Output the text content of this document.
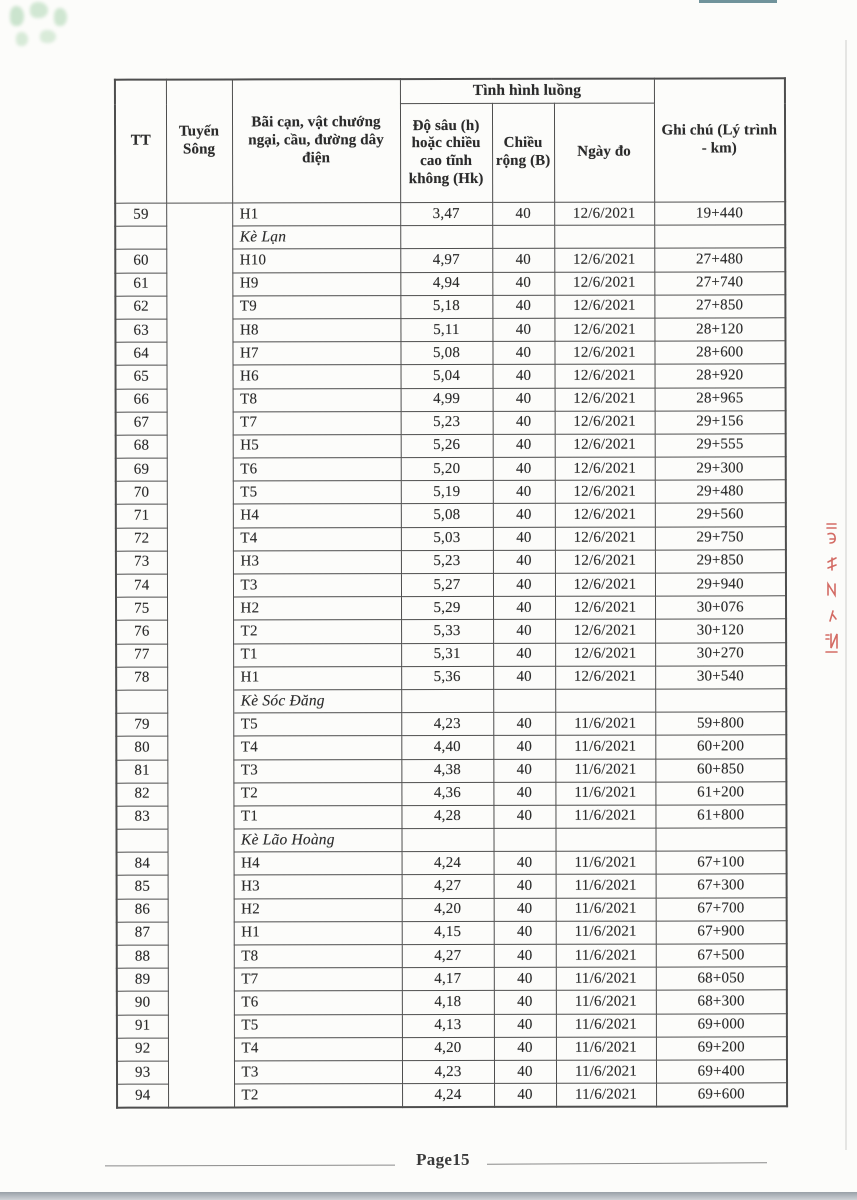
TT	Tuyến Sông	Bãi cạn, vật chướng ngại, cầu, đường dây điện	Tình hình luồng			Ghi chú (Lý trình - km)
			Độ sâu (h) hoặc chiều cao tĩnh không (Hk)	Chiều rộng (B)	Ngày đo	
59		H1	3,47	40	12/6/2021	19+440
		Kè Lạn				
60		H10	4,97	40	12/6/2021	27+480
61		H9	4,94	40	12/6/2021	27+740
62		T9	5,18	40	12/6/2021	27+850
63		H8	5,11	40	12/6/2021	28+120
64		H7	5,08	40	12/6/2021	28+600
65		H6	5,04	40	12/6/2021	28+920
66		T8	4,99	40	12/6/2021	28+965
67		T7	5,23	40	12/6/2021	29+156
68		H5	5,26	40	12/6/2021	29+555
69		T6	5,20	40	12/6/2021	29+300
70		T5	5,19	40	12/6/2021	29+480
71		H4	5,08	40	12/6/2021	29+560
72		T4	5,03	40	12/6/2021	29+750
73		H3	5,23	40	12/6/2021	29+850
74		T3	5,27	40	12/6/2021	29+940
75		H2	5,29	40	12/6/2021	30+076
76		T2	5,33	40	12/6/2021	30+120
77		T1	5,31	40	12/6/2021	30+270
78		H1	5,36	40	12/6/2021	30+540
		Kè Sóc Đăng				
79		T5	4,23	40	11/6/2021	59+800
80		T4	4,40	40	11/6/2021	60+200
81		T3	4,38	40	11/6/2021	60+850
82		T2	4,36	40	11/6/2021	61+200
83		T1	4,28	40	11/6/2021	61+800
		Kè Lão Hoàng				
84		H4	4,24	40	11/6/2021	67+100
85		H3	4,27	40	11/6/2021	67+300
86		H2	4,20	40	11/6/2021	67+700
87		H1	4,15	40	11/6/2021	67+900
88		T8	4,27	40	11/6/2021	67+500
89		T7	4,17	40	11/6/2021	68+050
90		T6	4,18	40	11/6/2021	68+300
91		T5	4,13	40	11/6/2021	69+000
92		T4	4,20	40	11/6/2021	69+200
93		T3	4,23	40	11/6/2021	69+400
94		T2	4,24	40	11/6/2021	69+600
Page15
